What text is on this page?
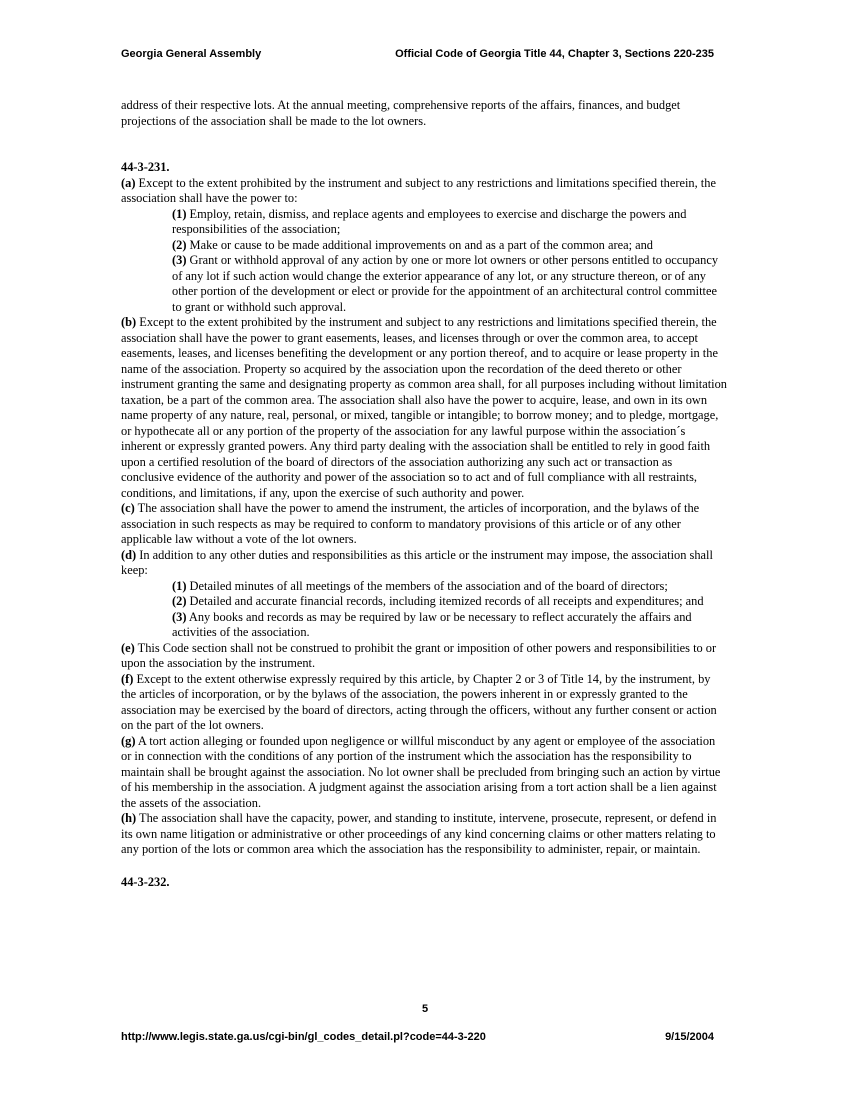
Georgia General Assembly	Official Code of Georgia Title 44, Chapter 3, Sections 220-235

address of their respective lots. At the annual meeting, comprehensive reports of the affairs, finances, and budget projections of the association shall be made to the lot owners.

44-3-231.

(a) Except to the extent prohibited by the instrument and subject to any restrictions and limitations specified therein, the association shall have the power to:

(1) Employ, retain, dismiss, and replace agents and employees to exercise and discharge the powers and responsibilities of the association;

(2) Make or cause to be made additional improvements on and as a part of the common area; and

(3) Grant or withhold approval of any action by one or more lot owners or other persons entitled to occupancy of any lot if such action would change the exterior appearance of any lot, or any structure thereon, or of any other portion of the development or elect or provide for the appointment of an architectural control committee to grant or withhold such approval.

(b) Except to the extent prohibited by the instrument and subject to any restrictions and limitations specified therein, the association shall have the power to grant easements, leases, and licenses through or over the common area, to accept easements, leases, and licenses benefiting the development or any portion thereof, and to acquire or lease property in the name of the association. Property so acquired by the association upon the recordation of the deed thereto or other instrument granting the same and designating property as common area shall, for all purposes including without limitation taxation, be a part of the common area. The association shall also have the power to acquire, lease, and own in its own name property of any nature, real, personal, or mixed, tangible or intangible; to borrow money; and to pledge, mortgage, or hypothecate all or any portion of the property of the association for any lawful purpose within the association´s inherent or expressly granted powers. Any third party dealing with the association shall be entitled to rely in good faith upon a certified resolution of the board of directors of the association authorizing any such act or transaction as conclusive evidence of the authority and power of the association so to act and of full compliance with all restraints, conditions, and limitations, if any, upon the exercise of such authority and power.

(c) The association shall have the power to amend the instrument, the articles of incorporation, and the bylaws of the association in such respects as may be required to conform to mandatory provisions of this article or of any other applicable law without a vote of the lot owners.

(d) In addition to any other duties and responsibilities as this article or the instrument may impose, the association shall keep:

(1) Detailed minutes of all meetings of the members of the association and of the board of directors;

(2) Detailed and accurate financial records, including itemized records of all receipts and expenditures; and

(3) Any books and records as may be required by law or be necessary to reflect accurately the affairs and activities of the association.

(e) This Code section shall not be construed to prohibit the grant or imposition of other powers and responsibilities to or upon the association by the instrument.

(f) Except to the extent otherwise expressly required by this article, by Chapter 2 or 3 of Title 14, by the instrument, by the articles of incorporation, or by the bylaws of the association, the powers inherent in or expressly granted to the association may be exercised by the board of directors, acting through the officers, without any further consent or action on the part of the lot owners.

(g) A tort action alleging or founded upon negligence or willful misconduct by any agent or employee of the association or in connection with the conditions of any portion of the instrument which the association has the responsibility to maintain shall be brought against the association. No lot owner shall be precluded from bringing such an action by virtue of his membership in the association. A judgment against the association arising from a tort action shall be a lien against the assets of the association.

(h) The association shall have the capacity, power, and standing to institute, intervene, prosecute, represent, or defend in its own name litigation or administrative or other proceedings of any kind concerning claims or other matters relating to any portion of the lots or common area which the association has the responsibility to administer, repair, or maintain.

44-3-232.

5
http://www.legis.state.ga.us/cgi-bin/gl_codes_detail.pl?code=44-3-220	9/15/2004
